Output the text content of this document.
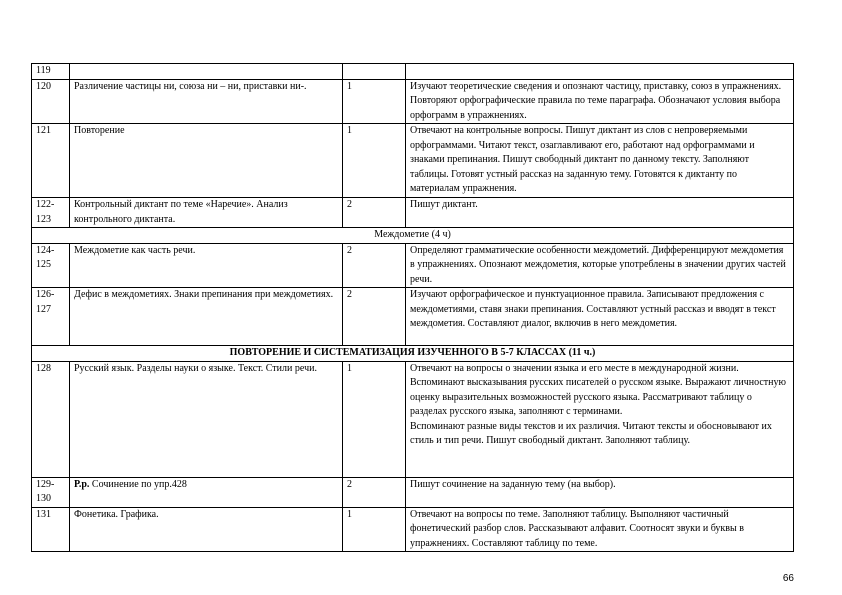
119			
120	Различение частицы ни, союза ни – ни, приставки ни-.	1	Изучают теоретические сведения и опознают частицу, приставку, союз в упражнениях. Повторяют орфографические правила по теме параграфа. Обозначают условия выбора орфограмм в упражнениях.
121	Повторение	1	Отвечают на контрольные вопросы. Пишут диктант из слов с непроверяемыми орфограммами. Читают текст, озаглавливают его, работают над орфограммами и знаками препинания. Пишут свободный диктант по данному тексту. Заполняют таблицы. Готовят устный рассказ на заданную тему. Готовятся к диктанту по материалам упражнения.
122-123	Контрольный диктант по теме «Наречие». Анализ контрольного диктанта.	2	Пишут диктант.
Междометие (4 ч)			
124-125	Междометие как часть речи.	2	Определяют грамматические особенности междометий. Дифференцируют междометия в упражнениях. Опознают междометия, которые употреблены в значении других частей речи.
126-127	Дефис в междометиях. Знаки препинания при междометиях.	2	Изучают орфографическое и пунктуационное правила. Записывают предложения с междометиями, ставя знаки препинания. Составляют устный рассказ и вводят в текст междометия. Составляют диалог, включив в него междометия.
ПОВТОРЕНИЕ И СИСТЕМАТИЗАЦИЯ ИЗУЧЕННОГО В 5-7 КЛАССАХ (11 ч.)			
128	Русский язык. Разделы науки о языке. Текст. Стили речи.	1	Отвечают на вопросы о значении языка и его месте в международной жизни. Вспоминают высказывания русских писателей о русском языке. Выражают личностную оценку выразительных возможностей русского языка. Рассматривают таблицу о разделах русского языка, заполняют с терминами.
Вспоминают разные виды текстов и их различия. Читают тексты и обосновывают их стиль и тип речи. Пишут свободный диктант. Заполняют таблицу.
129-130	Р.р. Сочинение по упр.428	2	Пишут сочинение на заданную тему (на выбор).
131	Фонетика. Графика.	1	Отвечают на вопросы по теме. Заполняют таблицу. Выполняют частичный фонетический разбор слов. Рассказывают алфавит. Соотносят звуки и буквы в упражнениях. Составляют таблицу по теме.
66
